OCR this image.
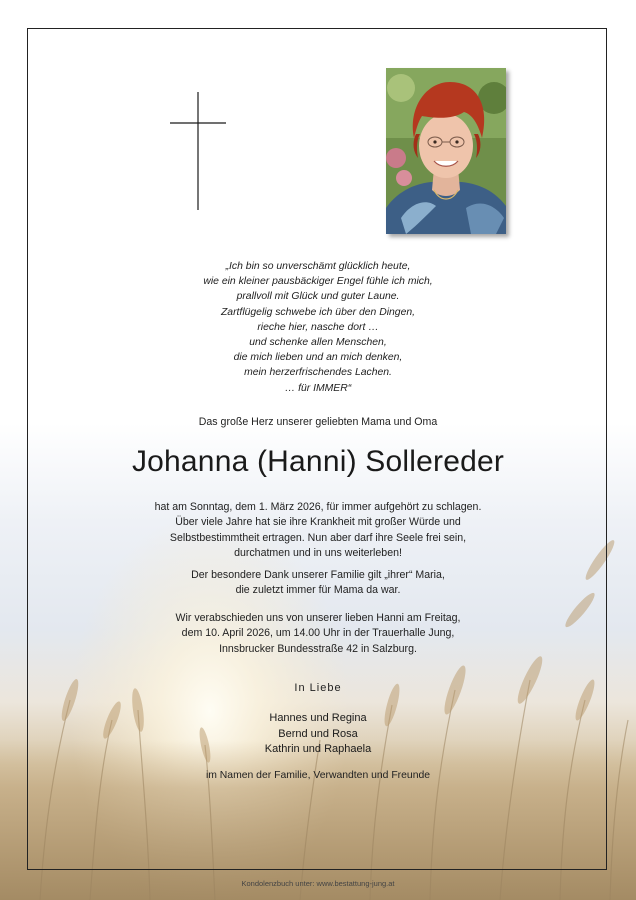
„Ich bin so unverschämt glücklich heute,
wie ein kleiner pausbäckiger Engel fühle ich mich,
prallvoll mit Glück und guter Laune.
Zartflügelig schwebe ich über den Dingen,
rieche hier, nasche dort …
und schenke allen Menschen,
die mich lieben und an mich denken,
mein herzerfrischendes Lachen.
… für IMMER“
Das große Herz unserer geliebten Mama und Oma
Johanna (Hanni) Sollereder
hat am Sonntag, dem 1. März 2026, für immer aufgehört zu schlagen.
Über viele Jahre hat sie ihre Krankheit mit großer Würde und
Selbstbestimmtheit ertragen. Nun aber darf ihre Seele frei sein,
durchatmen und in uns weiterleben!
Der besondere Dank unserer Familie gilt „ihrer“ Maria,
die zuletzt immer für Mama da war.
Wir verabschieden uns von unserer lieben Hanni am Freitag,
dem 10. April 2026, um 14.00 Uhr in der Trauerhalle Jung,
Innsbrucker Bundesstraße 42 in Salzburg.
In Liebe
Hannes und Regina
Bernd und Rosa
Kathrin und Raphaela
im Namen der Familie, Verwandten und Freunde
Kondolenzbuch unter: www.bestattung-jung.at
